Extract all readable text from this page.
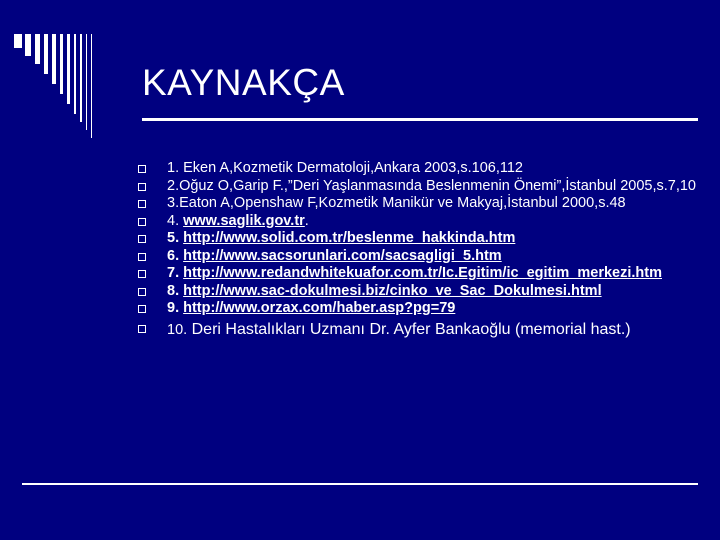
KAYNAKÇA
1. Eken A,Kozmetik Dermatoloji,Ankara 2003,s.106,112
2.Oğuz O,Garip F.,”Deri Yaşlanmasında Beslenmenin Önemi”,İstanbul 2005,s.7,10
3.Eaton A,Openshaw F,Kozmetik Manikür ve Makyaj,İstanbul 2000,s.48
4. www.saglik.gov.tr.
5. http://www.solid.com.tr/beslenme_hakkinda.htm
6. http://www.sacsorunlari.com/sacsagligi_5.htm
7. http://www.redandwhitekuafor.com.tr/Ic.Egitim/ic_egitim_merkezi.htm
8. http://www.sac-dokulmesi.biz/cinko_ve_Sac_Dokulmesi.html
9. http://www.orzax.com/haber.asp?pg=79
10. Deri Hastalıkları Uzmanı Dr. Ayfer Bankaoğlu (memorial hast.)
